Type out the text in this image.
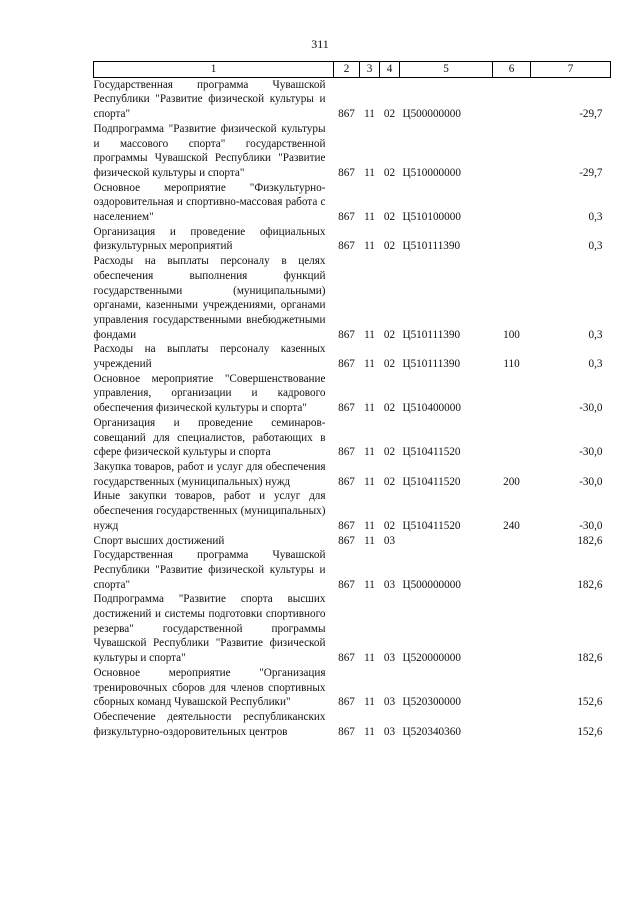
311
1	2	3	4	5	6	7
Государственная программа Чувашской Республики "Развитие физической культуры и спорта"	867	11	02	Ц500000000		-29,7
Подпрограмма "Развитие физической культуры и массового спорта" государственной программы Чувашской Республики "Развитие физической культуры и спорта"	867	11	02	Ц510000000		-29,7
Основное мероприятие "Физкультурно-оздоровительная и спортивно-массовая работа с населением"	867	11	02	Ц510100000		0,3
Организация и проведение официальных физкультурных мероприятий	867	11	02	Ц510111390		0,3
Расходы на выплаты персоналу в целях обеспечения выполнения функций государственными (муниципальными) органами, казенными учреждениями, органами управления государственными внебюджетными фондами	867	11	02	Ц510111390	100	0,3
Расходы на выплаты персоналу казенных учреждений	867	11	02	Ц510111390	110	0,3
Основное мероприятие "Совершенствование управления, организации и кадрового обеспечения физической культуры и спорта"	867	11	02	Ц510400000		-30,0
Организация и проведение семинаров-совещаний для специалистов, работающих в сфере физической культуры и спорта	867	11	02	Ц510411520		-30,0
Закупка товаров, работ и услуг для обеспечения государственных (муниципальных) нужд	867	11	02	Ц510411520	200	-30,0
Иные закупки товаров, работ и услуг для обеспечения государственных (муниципальных) нужд	867	11	02	Ц510411520	240	-30,0
Спорт высших достижений	867	11	03			182,6
Государственная программа Чувашской Республики "Развитие физической культуры и спорта"	867	11	03	Ц500000000		182,6
Подпрограмма "Развитие спорта высших достижений и системы подготовки спортивного резерва" государственной программы Чувашской Республики "Развитие физической культуры и спорта"	867	11	03	Ц520000000		182,6
Основное мероприятие "Организация тренировочных сборов для членов спортивных сборных команд Чувашской Республики"	867	11	03	Ц520300000		152,6
Обеспечение деятельности республиканских физкультурно-оздоровительных центров	867	11	03	Ц520340360		152,6
